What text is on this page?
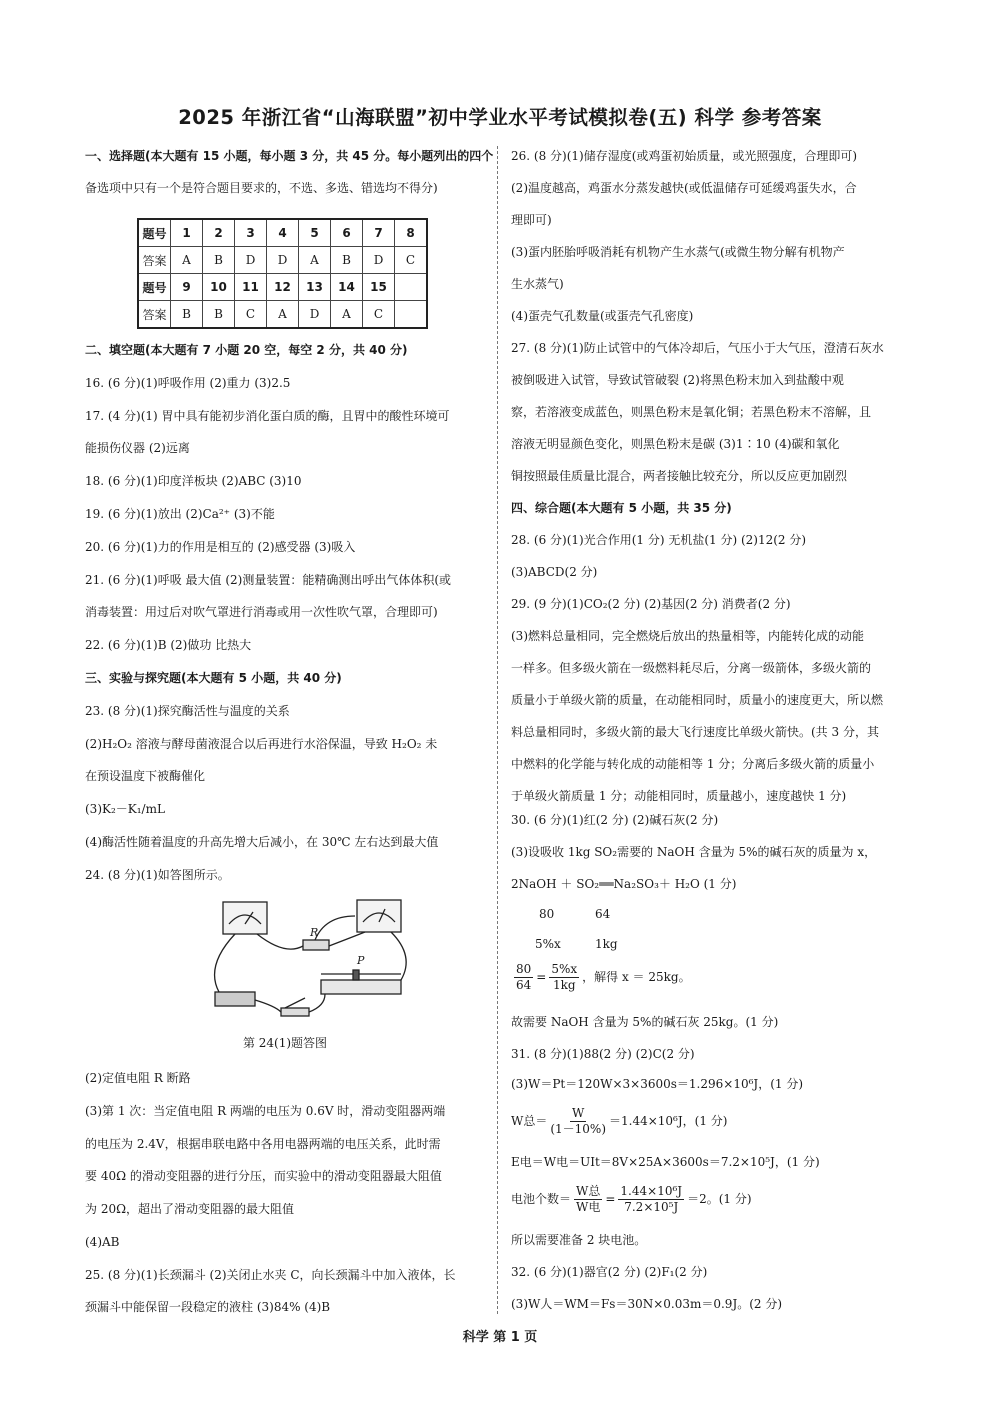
2025 年浙江省“山海联盟”初中学业水平考试模拟卷(五) 科学 参考答案
一、选择题(本大题有 15 小题，每小题 3 分，共 45 分。每小题列出的四个
备选项中只有一个是符合题目要求的，不选、多选、错选均不得分)
题号	1	2	3	4	5	6	7	8
答案	A	B	D	D	A	B	D	C
题号	9	10	11	12	13	14	15	
答案	B	B	C	A	D	A	C	
二、填空题(本大题有 7 小题 20 空，每空 2 分，共 40 分)
16. (6 分)(1)呼吸作用 (2)重力 (3)2.5
17. (4 分)(1) 胃中具有能初步消化蛋白质的酶，且胃中的酸性环境可
能损伤仪器 (2)远离
18. (6 分)(1)印度洋板块 (2)ABC (3)10
19. (6 分)(1)放出 (2)Ca²⁺ (3)不能
20. (6 分)(1)力的作用是相互的 (2)感受器 (3)吸入
21. (6 分)(1)呼吸 最大值 (2)测量装置：能精确测出呼出气体体积(或
消毒装置：用过后对吹气罩进行消毒或用一次性吹气罩，合理即可)
22. (6 分)(1)B (2)做功 比热大
三、实验与探究题(本大题有 5 小题，共 40 分)
23. (8 分)(1)探究酶活性与温度的关系
(2)H₂O₂ 溶液与酵母菌液混合以后再进行水浴保温，导致 H₂O₂ 未
在预设温度下被酶催化
(3)K₂－K₁/mL
(4)酶活性随着温度的升高先增大后减小，在 30℃ 左右达到最大值
24. (8 分)(1)如答图所示。
R
P
第 24(1)题答图
(2)定值电阻 R 断路
(3)第 1 次：当定值电阻 R 两端的电压为 0.6V 时，滑动变阻器两端
的电压为 2.4V，根据串联电路中各用电器两端的电压关系，此时需
要 40Ω 的滑动变阻器的进行分压，而实验中的滑动变阻器最大阻值
为 20Ω，超出了滑动变阻器的最大阻值
(4)AB
25. (8 分)(1)长颈漏斗 (2)关闭止水夹 C，向长颈漏斗中加入液体，长
颈漏斗中能保留一段稳定的液柱 (3)84% (4)B
26. (8 分)(1)储存湿度(或鸡蛋初始质量，或光照强度，合理即可)
(2)温度越高，鸡蛋水分蒸发越快(或低温储存可延缓鸡蛋失水，合
理即可)
(3)蛋内胚胎呼吸消耗有机物产生水蒸气(或微生物分解有机物产
生水蒸气)
(4)蛋壳气孔数量(或蛋壳气孔密度)
27. (8 分)(1)防止试管中的气体冷却后，气压小于大气压，澄清石灰水
被倒吸进入试管，导致试管破裂 (2)将黑色粉末加入到盐酸中观
察，若溶液变成蓝色，则黑色粉末是氧化铜；若黑色粉末不溶解，且
溶液无明显颜色变化，则黑色粉末是碳 (3)1∶10 (4)碳和氧化
铜按照最佳质量比混合，两者接触比较充分，所以反应更加剧烈
四、综合题(本大题有 5 小题，共 35 分)
28. (6 分)(1)光合作用(1 分) 无机盐(1 分) (2)12(2 分)
(3)ABCD(2 分)
29. (9 分)(1)CO₂(2 分) (2)基因(2 分) 消费者(2 分)
(3)燃料总量相同，完全燃烧后放出的热量相等，内能转化成的动能
一样多。但多级火箭在一级燃料耗尽后，分离一级箭体，多级火箭的
质量小于单级火箭的质量，在动能相同时，质量小的速度更大，所以燃
料总量相同时，多级火箭的最大飞行速度比单级火箭快。(共 3 分，其
中燃料的化学能与转化成的动能相等 1 分；分离后多级火箭的质量小
于单级火箭质量 1 分；动能相同时，质量越小，速度越快 1 分)
30. (6 分)(1)红(2 分) (2)碱石灰(2 分)
(3)设吸收 1kg SO₂需要的 NaOH 含量为 5%的碱石灰的质量为 x，
2NaOH ＋ SO₂══Na₂SO₃＋ H₂O (1 分)
80	64
5%x	1kg
$\frac{80}{64} = \frac{5\%x}{1kg}$ ，解得 x ＝ 25kg。
故需要 NaOH 含量为 5%的碱石灰 25kg。(1 分)
31. (8 分)(1)88(2 分) (2)C(2 分)
(3)W＝Pt＝120W×3×3600s＝1.296×10⁶J，(1 分)
W总＝ $\frac{W}{(1-10\%)} =1.44\times 10^6J$，(1 分)
E电＝W电＝UIt＝8V×25A×3600s＝7.2×10⁵J，(1 分)
电池个数＝ $\frac{\text{W总}}{\text{W电}} = \frac{\text{1.44×10⁶J}}{\text{7.2×10⁵J}} =2$。(1 分)
所以需要准备 2 块电池。
32. (6 分)(1)器官(2 分) (2)F₁(2 分)
(3)W人＝WM＝Fs＝30N×0.03m＝0.9J。(2 分)
科学 第 1 页
